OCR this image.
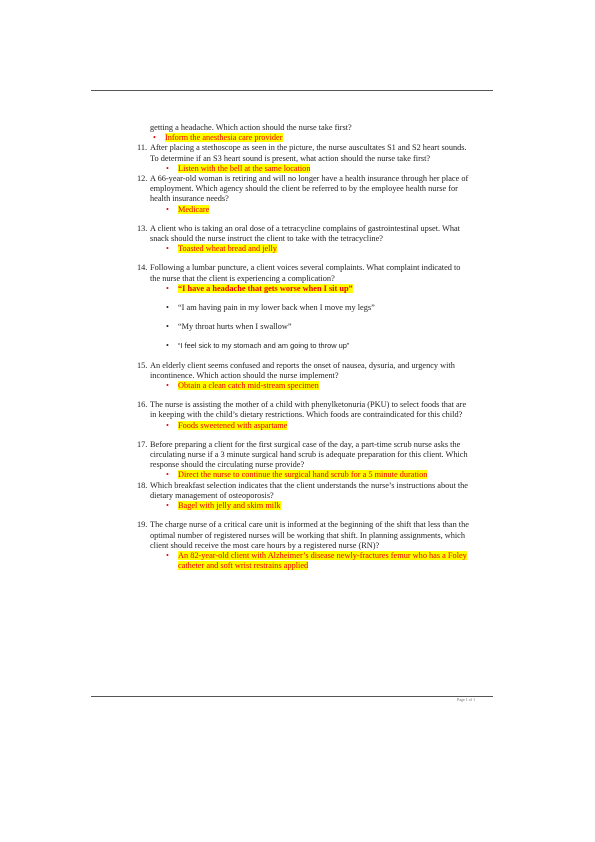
getting a headache. Which action should the nurse take first?
• Inform the anesthesia care provider
11. After placing a stethoscope as seen in the picture, the nurse auscultates S1 and S2 heart sounds. To determine if an S3 heart sound is present, what action should the nurse take first?
• Listen with the bell at the same location
12. A 66-year-old woman is retiring and will no longer have a health insurance through her place of employment. Which agency should the client be referred to by the employee health nurse for health insurance needs?
• Medicare
13. A client who is taking an oral dose of a tetracycline complains of gastrointestinal upset. What snack should the nurse instruct the client to take with the tetracycline?
• Toasted wheat bread and jelly
14. Following a lumbar puncture, a client voices several complaints. What complaint indicated to the nurse that the client is experiencing a complication?
• “I have a headache that gets worse when I sit up”
• “I am having pain in my lower back when I move my legs”
• “My throat hurts when I swallow”
• “I feel sick to my stomach and am going to throw up”
15. An elderly client seems confused and reports the onset of nausea, dysuria, and urgency with incontinence. Which action should the nurse implement?
• Obtain a clean catch mid-stream specimen
16. The nurse is assisting the mother of a child with phenylketonuria (PKU) to select foods that are in keeping with the child’s dietary restrictions. Which foods are contraindicated for this child?
• Foods sweetened with aspartame
17. Before preparing a client for the first surgical case of the day, a part-time scrub nurse asks the circulating nurse if a 3 minute surgical hand scrub is adequate preparation for this client. Which response should the circulating nurse provide?
• Direct the nurse to continue the surgical hand scrub for a 5 minute duration
18. Which breakfast selection indicates that the client understands the nurse’s instructions about the dietary management of osteoporosis?
• Bagel with jelly and skim milk
19. The charge nurse of a critical care unit is informed at the beginning of the shift that less than the optimal number of registered nurses will be working that shift. In planning assignments, which client should receive the most care hours by a registered nurse (RN)?
• An 82-year-old client with Alzheimer’s disease newly-fractures femur who has a Foley catheter and soft wrist restrains applied
Page 1 of 1
